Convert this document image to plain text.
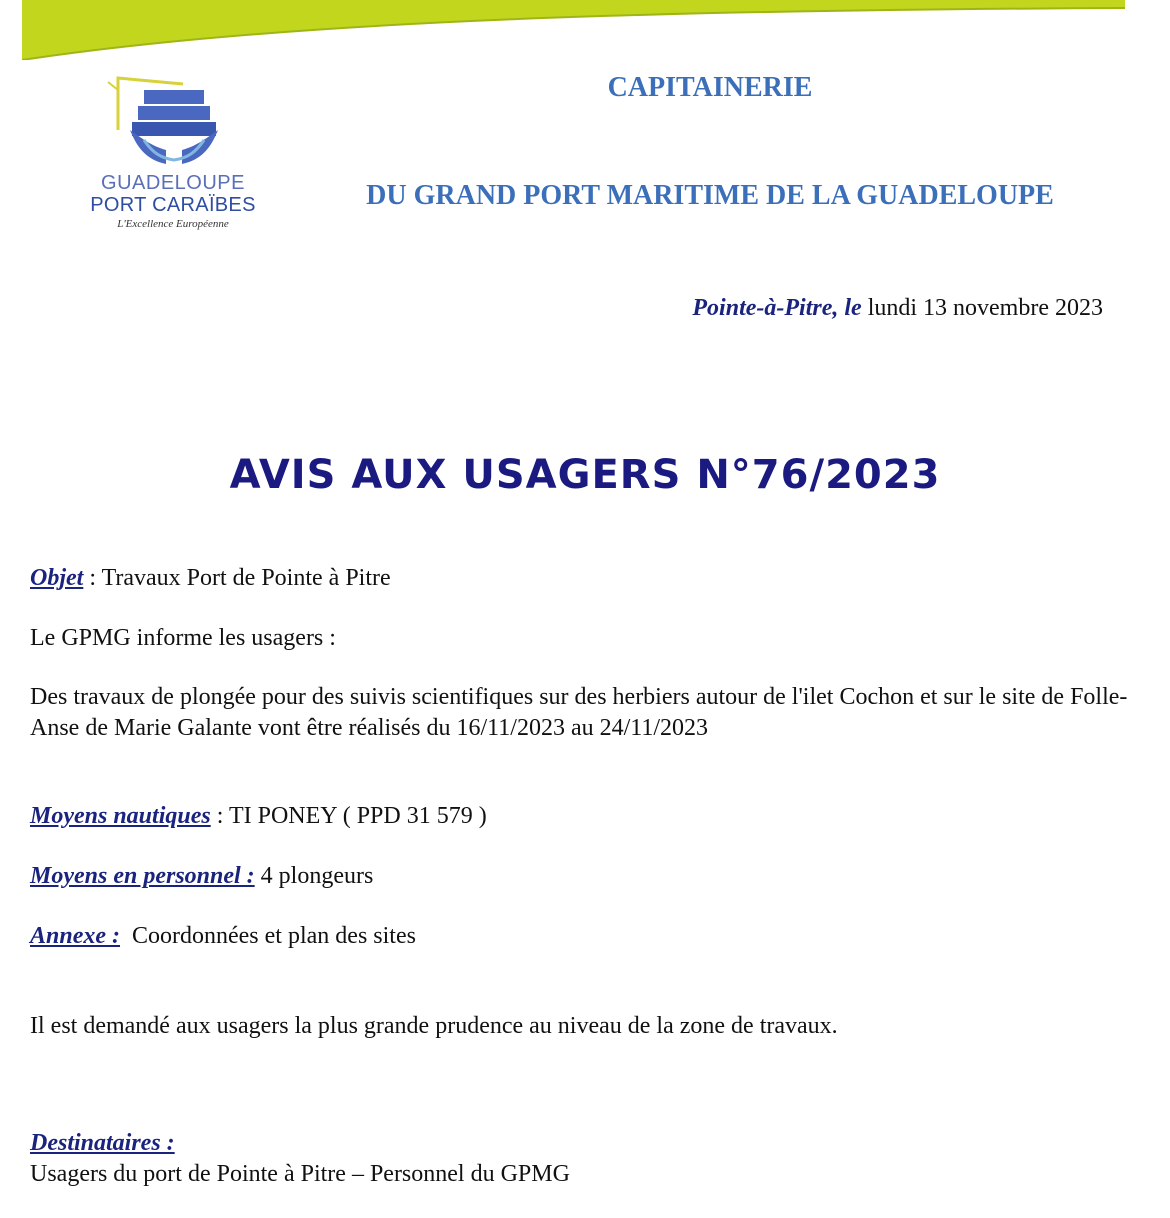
GUADELOUPE
PORT CARAÏBES
L'Excellence Européenne
CAPITAINERIE
DU GRAND PORT MARITIME DE LA GUADELOUPE
Pointe-à-Pitre, le lundi 13 novembre 2023
AVIS AUX USAGERS N°76/2023
Objet : Travaux Port de Pointe à Pitre
Le GPMG informe les usagers :
Des travaux de plongée pour des suivis scientifiques sur des herbiers autour de l'ilet Cochon et sur le site de Folle-Anse de Marie Galante vont être réalisés du 16/11/2023 au 24/11/2023
Moyens nautiques : TI PONEY ( PPD 31 579 )
Moyens en personnel : 4 plongeurs
Annexe : Coordonnées et plan des sites
Il est demandé aux usagers la plus grande prudence au niveau de la zone de travaux.
Destinataires :
Usagers du port de Pointe à Pitre – Personnel du GPMG
